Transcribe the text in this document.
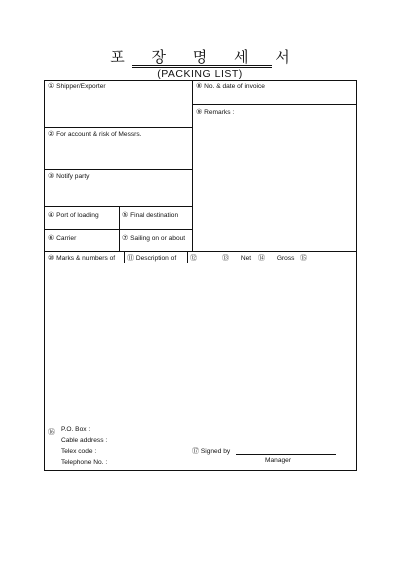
포 장 명 세 서
(PACKING LIST)
① Shipper/Exporter	⑧ No. & date of invoice
⑨ Remarks :
② For account & risk of Messrs.
③ Notify party
④ Port of loading	⑤ Final destination
⑥ Carrier	⑦ Sailing on or about
⑩ Marks & numbers of ⑪ Description of ⑫	⑬ Net ⑭ Gross ⑮
⑯ P.O. Box :
Cable address :
Telex code :
Telephone No. :
⑰ Signed by
Manager
